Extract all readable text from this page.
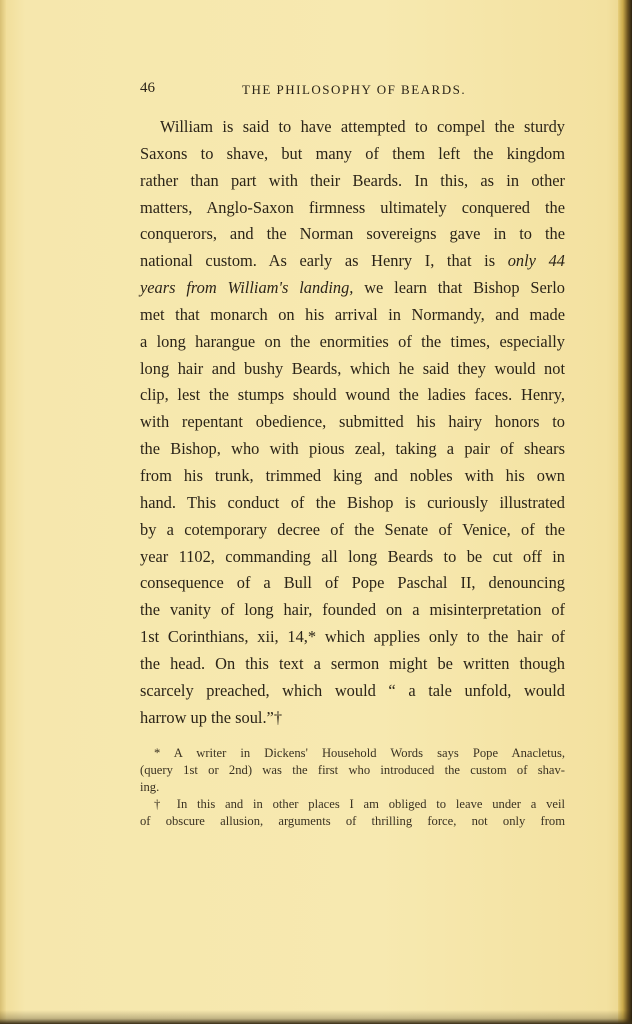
46	THE PHILOSOPHY OF BEARDS.
William is said to have attempted to compel the sturdy
Saxons to shave, but many of them left the kingdom
rather than part with their Beards. In this, as in other
matters, Anglo-Saxon firmness ultimately conquered the
conquerors, and the Norman sovereigns gave in to the
national custom. As early as Henry I, that is only 44
years from William's landing, we learn that Bishop Serlo
met that monarch on his arrival in Normandy, and made
a long harangue on the enormities of the times, especially
long hair and bushy Beards, which he said they would not
clip, lest the stumps should wound the ladies faces. Henry,
with repentant obedience, submitted his hairy honors to
the Bishop, who with pious zeal, taking a pair of shears
from his trunk, trimmed king and nobles with his own
hand. This conduct of the Bishop is curiously illustrated
by a cotemporary decree of the Senate of Venice, of the
year 1102, commanding all long Beards to be cut off in
consequence of a Bull of Pope Paschal II, denouncing
the vanity of long hair, founded on a misinterpretation of
1st Corinthians, xii, 14,* which applies only to the hair of
the head. On this text a sermon might be written though
scarcely preached, which would “ a tale unfold, would
harrow up the soul.”†
* A writer in Dickens' Household Words says Pope Anacletus,
(query 1st or 2nd) was the first who introduced the custom of shav-
ing.
† In this and in other places I am obliged to leave under a veil
of obscure allusion, arguments of thrilling force, not only from
